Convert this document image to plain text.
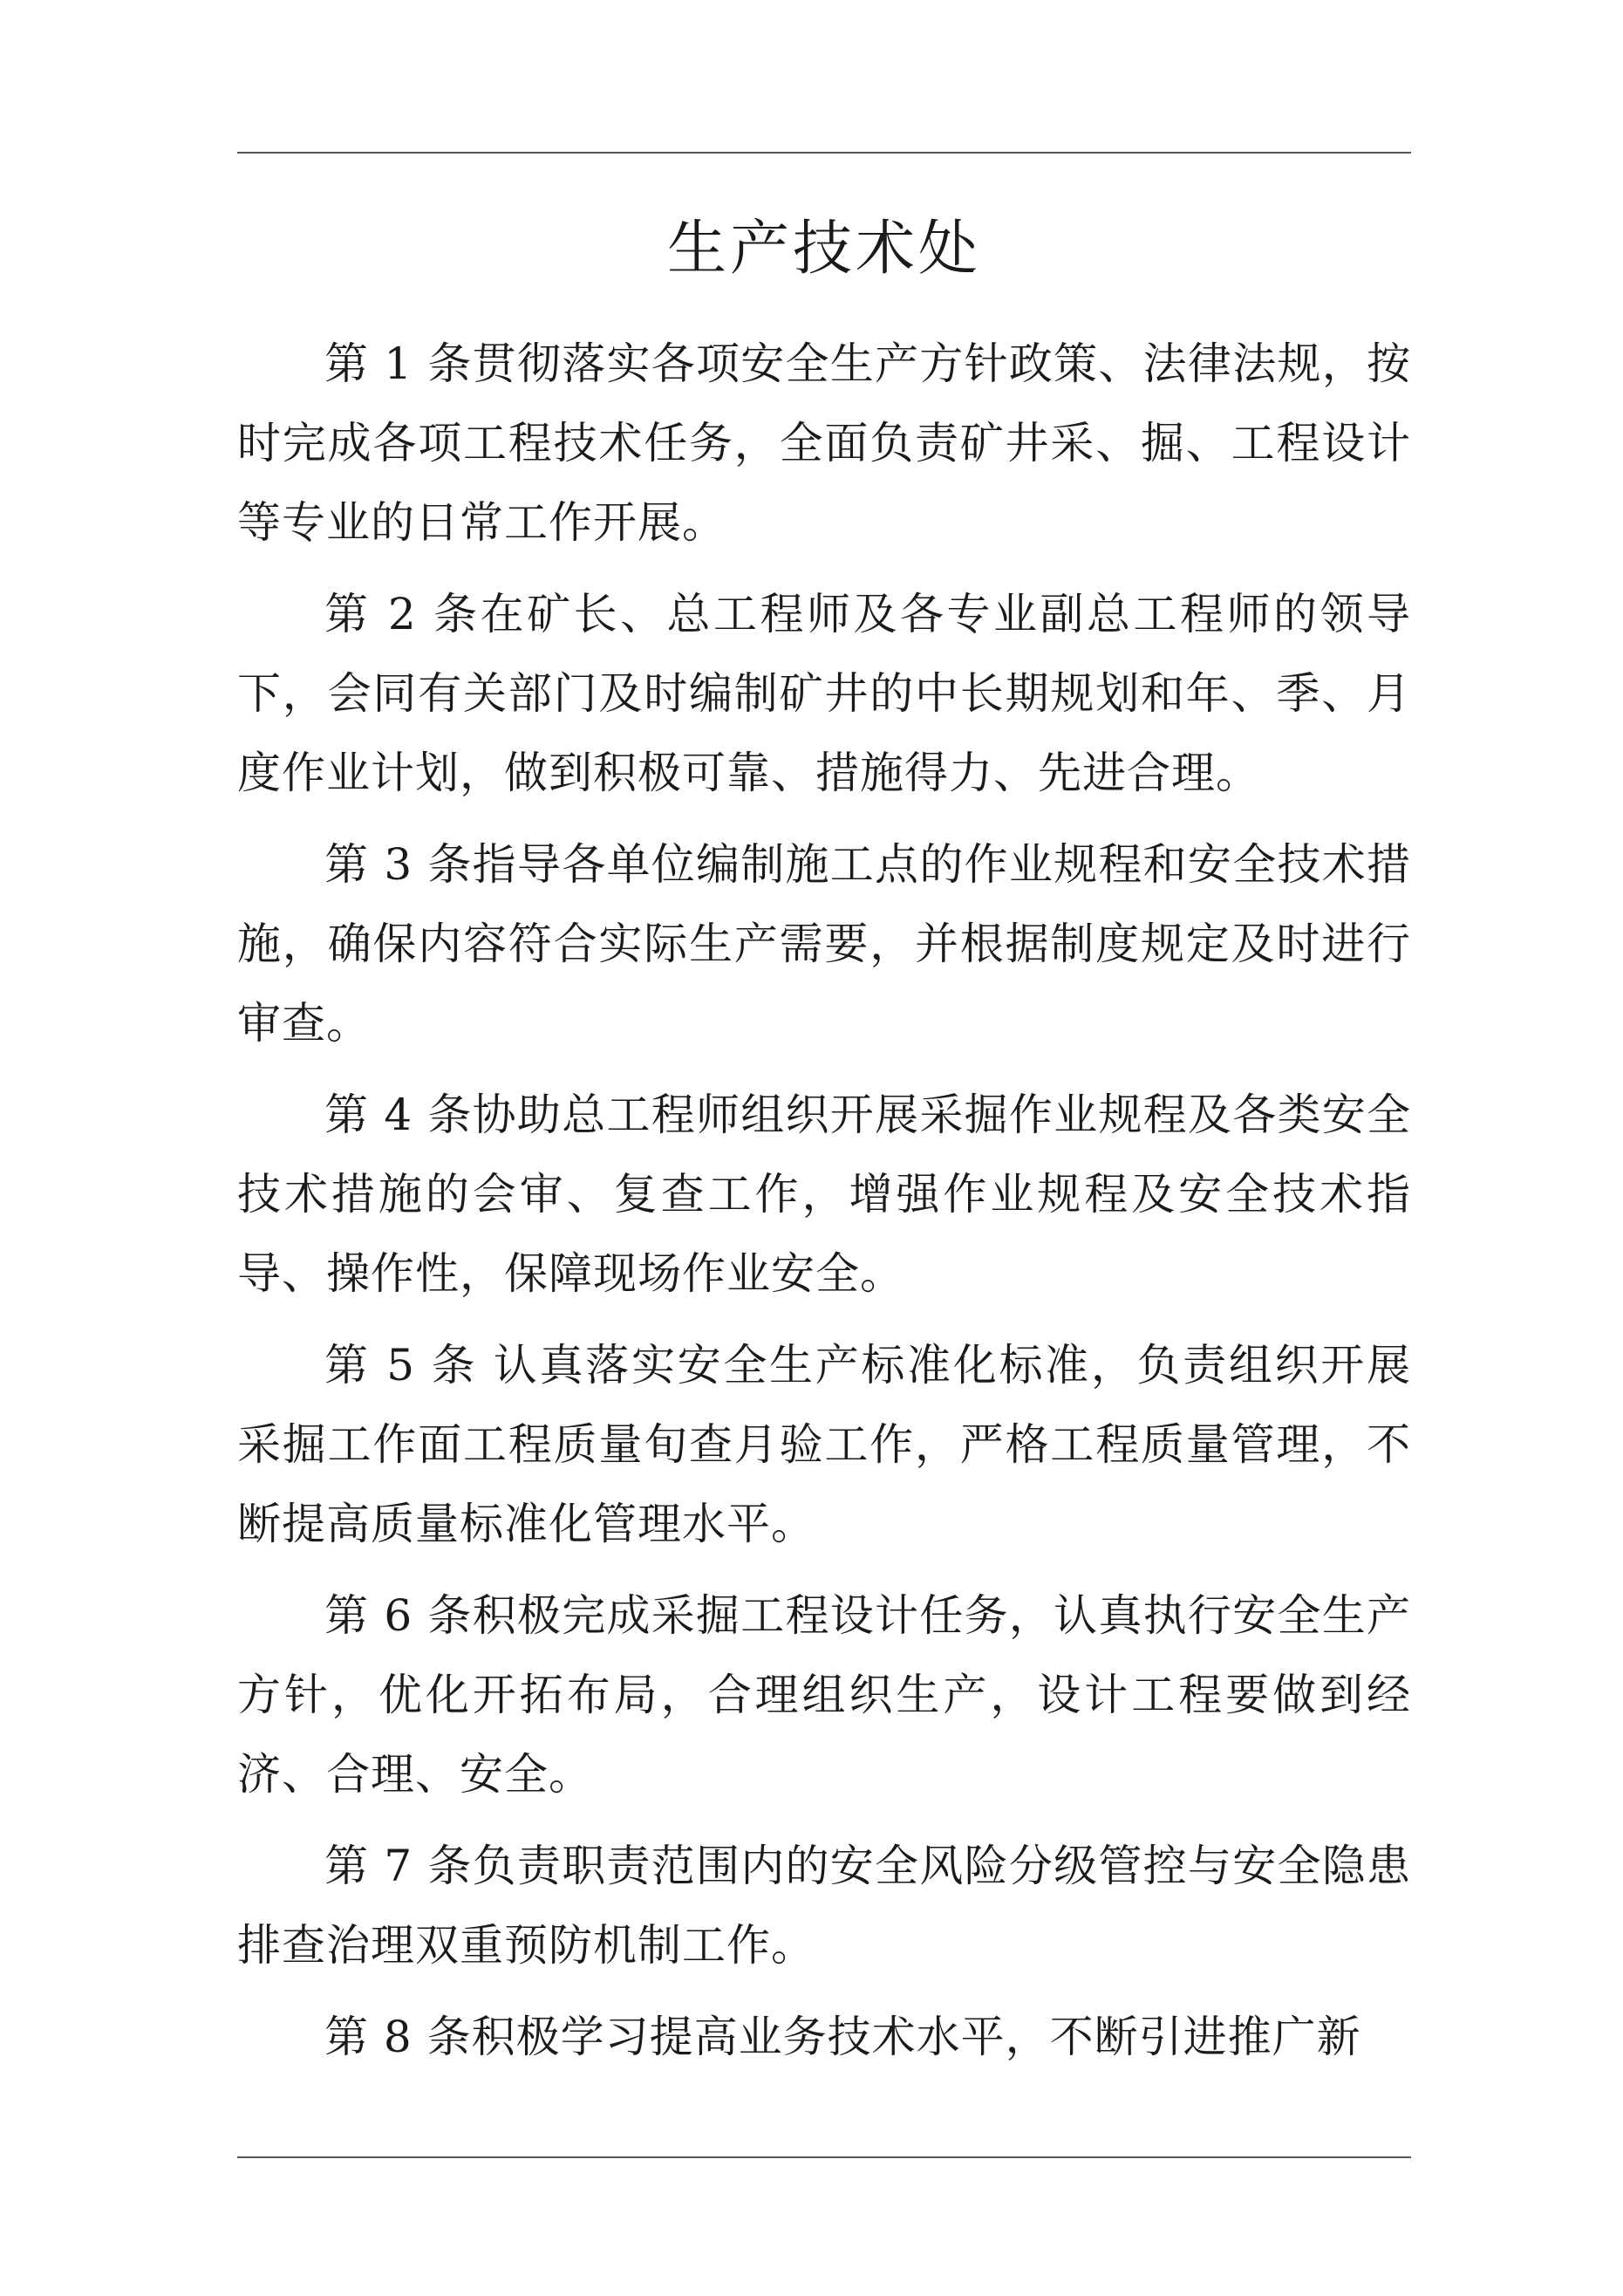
生产技术处

第 1 条贯彻落实各项安全生产方针政策、法律法规，按时完成各项工程技术任务，全面负责矿井采、掘、工程设计等专业的日常工作开展。

第 2 条在矿长、总工程师及各专业副总工程师的领导下，会同有关部门及时编制矿井的中长期规划和年、季、月度作业计划，做到积极可靠、措施得力、先进合理。

第 3 条指导各单位编制施工点的作业规程和安全技术措施，确保内容符合实际生产需要，并根据制度规定及时进行审查。

第 4 条协助总工程师组织开展采掘作业规程及各类安全技术措施的会审、复查工作，增强作业规程及安全技术指导、操作性，保障现场作业安全。

第 5 条 认真落实安全生产标准化标准，负责组织开展采掘工作面工程质量旬查月验工作，严格工程质量管理，不断提高质量标准化管理水平。

第 6 条积极完成采掘工程设计任务，认真执行安全生产方针，优化开拓布局，合理组织生产，设计工程要做到经济、合理、安全。

第 7 条负责职责范围内的安全风险分级管控与安全隐患排查治理双重预防机制工作。

第 8 条积极学习提高业务技术水平，不断引进推广新
